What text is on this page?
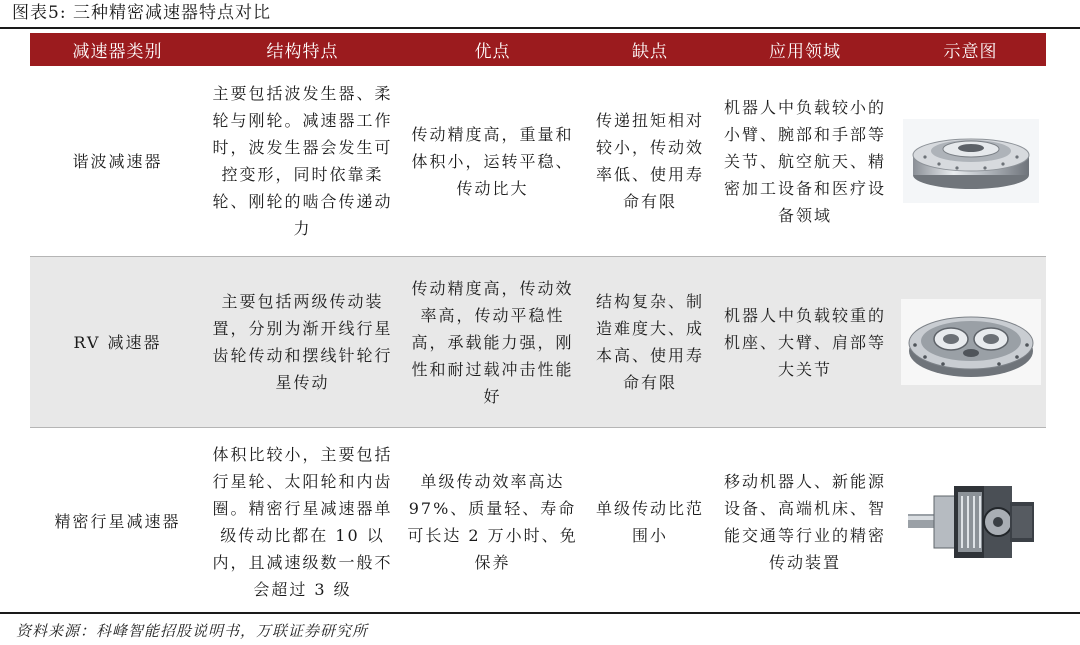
图表5: 三种精密减速器特点对比
减速器类别	结构特点	优点	缺点	应用领域	示意图
谐波减速器	主要包括波发生器、柔轮与刚轮。减速器工作时，波发生器会发生可控变形，同时依靠柔轮、刚轮的啮合传递动力	传动精度高，重量和体积小，运转平稳、传动比大	传递扭矩相对较小，传动效率低、使用寿命有限	机器人中负载较小的小臂、腕部和手部等关节、航空航天、精密加工设备和医疗设备领域	

RV 减速器	主要包括两级传动装置，分别为渐开线行星齿轮传动和摆线针轮行星传动	传动精度高，传动效率高，传动平稳性高，承载能力强，刚性和耐过载冲击性能好	结构复杂、制造难度大、成本高、使用寿命有限	机器人中负载较重的机座、大臂、肩部等大关节	

精密行星减速器	体积比较小，主要包括行星轮、太阳轮和内齿圈。精密行星减速器单级传动比都在 10 以内，且减速级数一般不会超过 3 级	单级传动效率高达 97%、质量轻、寿命可长达 2 万小时、免保养	单级传动比范围小	移动机器人、新能源设备、高端机床、智能交通等行业的精密传动装置	
资料来源：科峰智能招股说明书，万联证券研究所
